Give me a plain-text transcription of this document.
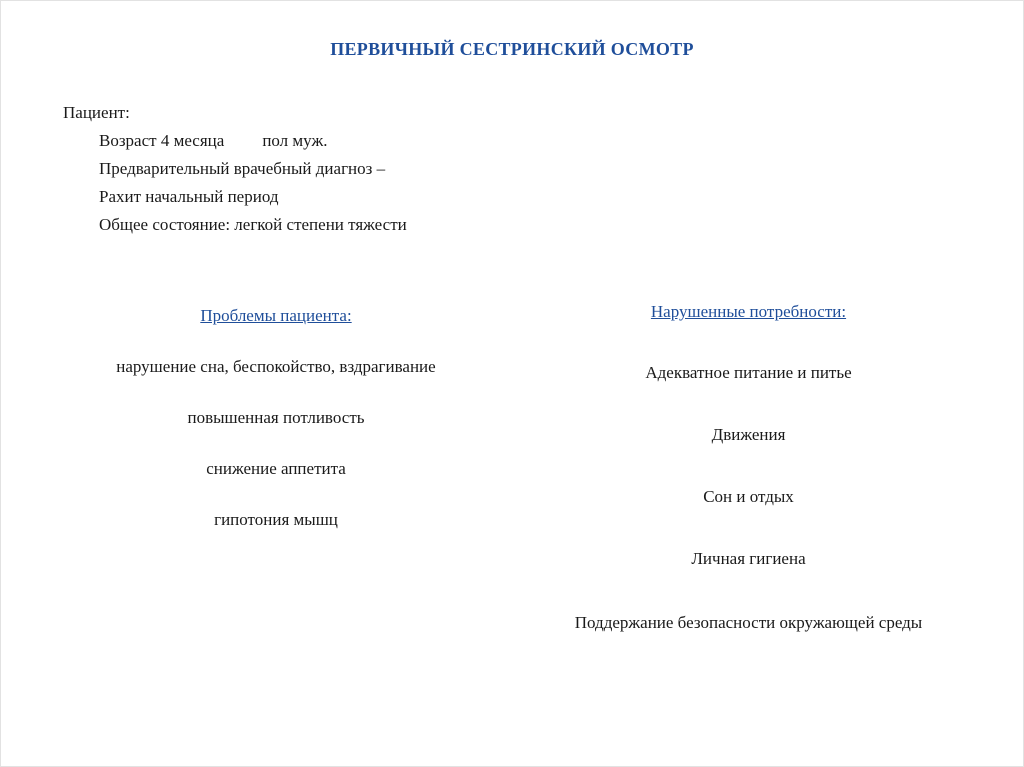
ПЕРВИЧНЫЙ СЕСТРИНСКИЙ ОСМОТР
Пациент:
Возраст 4 месяца пол муж.
Предварительный врачебный диагноз –
Рахит начальный период
Общее состояние: легкой степени тяжести
Проблемы пациента:
нарушение сна, беспокойство, вздрагивание
повышенная потливость
снижение аппетита
гипотония мышц
Нарушенные потребности:
Адекватное питание и питье
Движения
Сон и отдых
Личная гигиена
Поддержание безопасности окружающей среды
